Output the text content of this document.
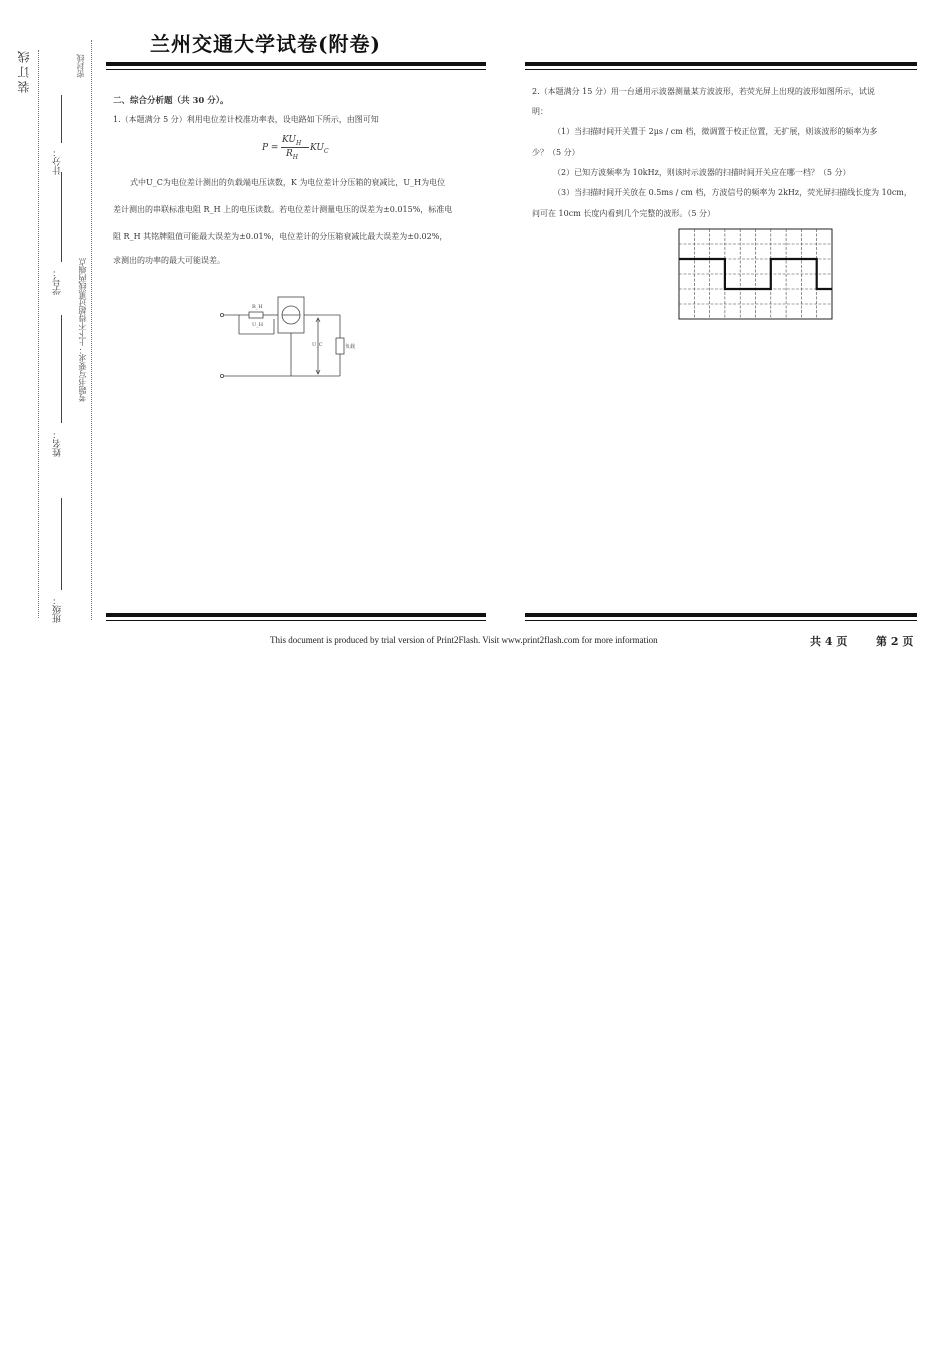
装订线	密封线
计分：
学号：
姓名：
班级：
考题书写要求：上下不得超过黑线两端点
兰州交通大学试卷(附卷)
二、综合分析题（共 30 分）。
1.（本题满分 5 分）利用电位差计校准功率表，设电路如下所示，由图可知
P =
$KU_H$
$R_H$
$KU_C$
式中U_C为电位差计测出的负载端电压读数，K 为电位差计分压箱的衰减比，U_H为电位
差计测出的串联标准电阻 R_H 上的电压读数。若电位差计测量电压的误差为±0.015%，标准电
阻 R_H 其铭牌阻值可能最大误差为±0.01%，电位差计的分压箱衰减比最大误差为±0.02%，
求测出的功率的最大可能误差。
R_H
U_H
U_C	负载
2.（本题满分 15 分）用一台通用示波器测量某方波波形，若荧光屏上出现的波形如图所示，试说
明：
（1）当扫描时间开关置于 2μs / cm 档，微调置于校正位置，无扩展，则该波形的频率为多
少？（5 分）
（2）已知方波频率为 10kHz，则该时示波器的扫描时间开关应在哪一档？（5 分）
（3）当扫描时间开关放在 0.5ms / cm 档，方波信号的频率为 2kHz，荧光屏扫描线长度为 10cm，
问可在 10cm 长度内看到几个完整的波形。（5 分）
This document is produced by trial version of Print2Flash. Visit www.print2flash.com for more information	共 4 页	第 2 页
